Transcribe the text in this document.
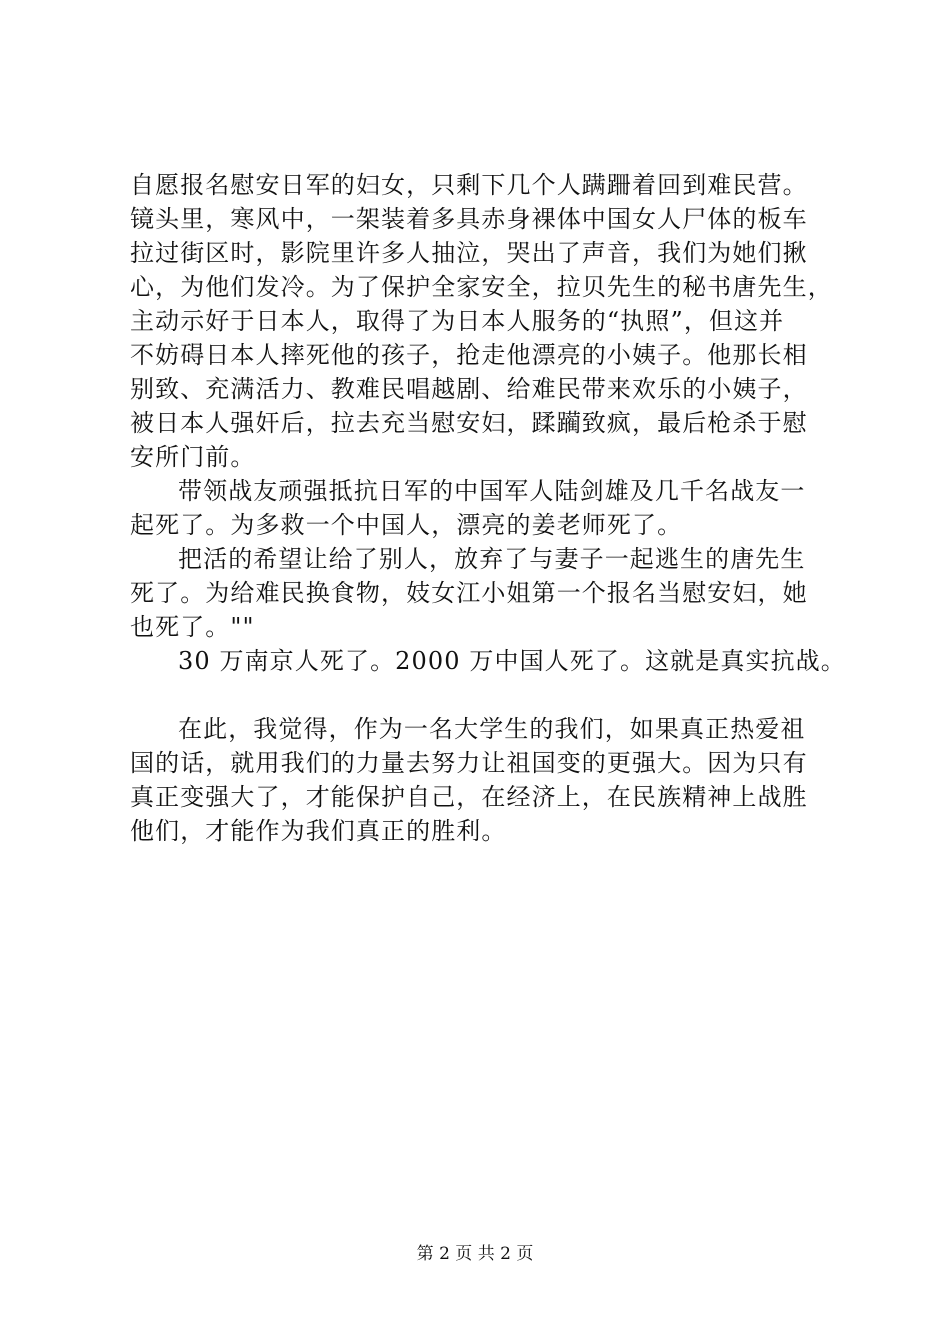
自愿报名慰安日军的妇女，只剩下几个人蹒跚着回到难民营。
镜头里，寒风中，一架装着多具赤身裸体中国女人尸体的板车
拉过街区时，影院里许多人抽泣，哭出了声音，我们为她们揪
心，为他们发冷。为了保护全家安全，拉贝先生的秘书唐先生，
主动示好于日本人，取得了为日本人服务的“执照”，但这并
不妨碍日本人摔死他的孩子，抢走他漂亮的小姨子。他那长相
别致、充满活力、教难民唱越剧、给难民带来欢乐的小姨子，
被日本人强奸后，拉去充当慰安妇，蹂躏致疯，最后枪杀于慰
安所门前。
带领战友顽强抵抗日军的中国军人陆剑雄及几千名战友一
起死了。为多救一个中国人，漂亮的姜老师死了。
把活的希望让给了别人，放弃了与妻子一起逃生的唐先生
死了。为给难民换食物，妓女江小姐第一个报名当慰安妇，她
也死了。""
30 万南京人死了。2000 万中国人死了。这就是真实抗战。
在此，我觉得，作为一名大学生的我们，如果真正热爱祖
国的话，就用我们的力量去努力让祖国变的更强大。因为只有
真正变强大了，才能保护自己，在经济上，在民族精神上战胜
他们，才能作为我们真正的胜利。
第 2 页 共 2 页
